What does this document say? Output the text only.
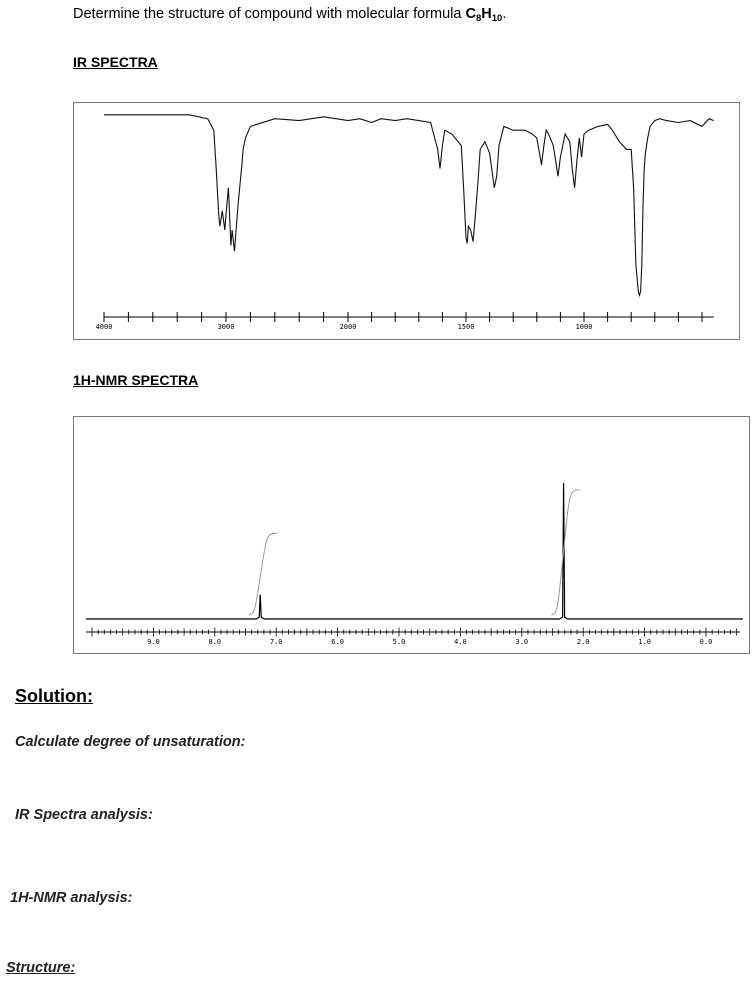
Determine the structure of compound with molecular formula $C_8H_{10}$.
IR SPECTRA
4000	3000	2000	1500	1000
1H-NMR SPECTRA
9.0	8.0	7.0	6.0	5.0	4.0	3.0	2.0	1.0	0.0
Solution:
Calculate degree of unsaturation:
IR Spectra analysis:
1H-NMR analysis:
Structure:
